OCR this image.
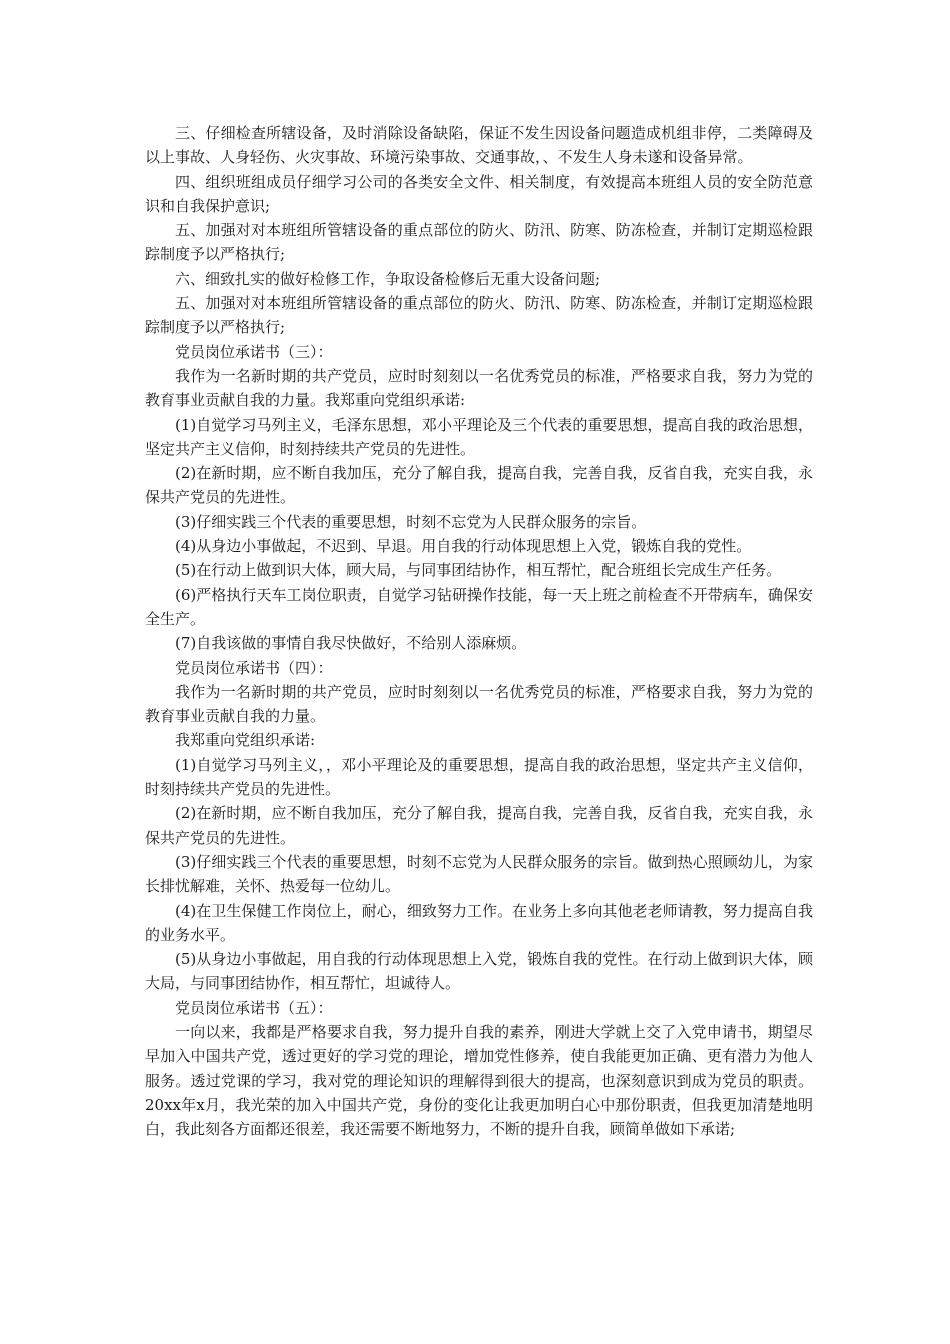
三、仔细检查所辖设备，及时消除设备缺陷，保证不发生因设备问题造成机组非停，二类障碍及以上事故、人身轻伤、火灾事故、环境污染事故、交通事故，、不发生人身未遂和设备异常。

四、组织班组成员仔细学习公司的各类安全文件、相关制度，有效提高本班组人员的安全防范意识和自我保护意识;

五、加强对对本班组所管辖设备的重点部位的防火、防汛、防寒、防冻检查，并制订定期巡检跟踪制度予以严格执行;

六、细致扎实的做好检修工作，争取设备检修后无重大设备问题;

五、加强对对本班组所管辖设备的重点部位的防火、防汛、防寒、防冻检查，并制订定期巡检跟踪制度予以严格执行;

党员岗位承诺书（三）：

我作为一名新时期的共产党员，应时时刻刻以一名优秀党员的标准，严格要求自我，努力为党的教育事业贡献自我的力量。我郑重向党组织承诺:

(1)自觉学习马列主义，毛泽东思想，邓小平理论及三个代表的重要思想，提高自我的政治思想，坚定共产主义信仰，时刻持续共产党员的先进性。

(2)在新时期，应不断自我加压，充分了解自我，提高自我，完善自我，反省自我，充实自我，永保共产党员的先进性。

(3)仔细实践三个代表的重要思想，时刻不忘党为人民群众服务的宗旨。

(4)从身边小事做起，不迟到、早退。用自我的行动体现思想上入党，锻炼自我的党性。

(5)在行动上做到识大体，顾大局，与同事团结协作，相互帮忙，配合班组长完成生产任务。

(6)严格执行天车工岗位职责，自觉学习钻研操作技能，每一天上班之前检查不开带病车，确保安全生产。

(7)自我该做的事情自我尽快做好，不给别人添麻烦。

党员岗位承诺书（四）：

我作为一名新时期的共产党员，应时时刻刻以一名优秀党员的标准，严格要求自我，努力为党的教育事业贡献自我的力量。

我郑重向党组织承诺:

(1)自觉学习马列主义，，邓小平理论及的重要思想，提高自我的政治思想，坚定共产主义信仰，时刻持续共产党员的先进性。

(2)在新时期，应不断自我加压，充分了解自我，提高自我，完善自我，反省自我，充实自我，永保共产党员的先进性。

(3)仔细实践三个代表的重要思想，时刻不忘党为人民群众服务的宗旨。做到热心照顾幼儿，为家长排忧解难，关怀、热爱每一位幼儿。

(4)在卫生保健工作岗位上，耐心，细致努力工作。在业务上多向其他老老师请教，努力提高自我的业务水平。

(5)从身边小事做起，用自我的行动体现思想上入党，锻炼自我的党性。在行动上做到识大体，顾大局，与同事团结协作，相互帮忙，坦诚待人。

党员岗位承诺书（五）：

一向以来，我都是严格要求自我，努力提升自我的素养，刚进大学就上交了入党申请书，期望尽早加入中国共产党，透过更好的学习党的理论，增加党性修养，使自我能更加正确、更有潜力为他人服务。透过党课的学习，我对党的理论知识的理解得到很大的提高，也深刻意识到成为党员的职责。20xx年x月，我光荣的加入中国共产党，身份的变化让我更加明白心中那份职责，但我更加清楚地明白，我此刻各方面都还很差，我还需要不断地努力，不断的提升自我，顾简单做如下承诺;
